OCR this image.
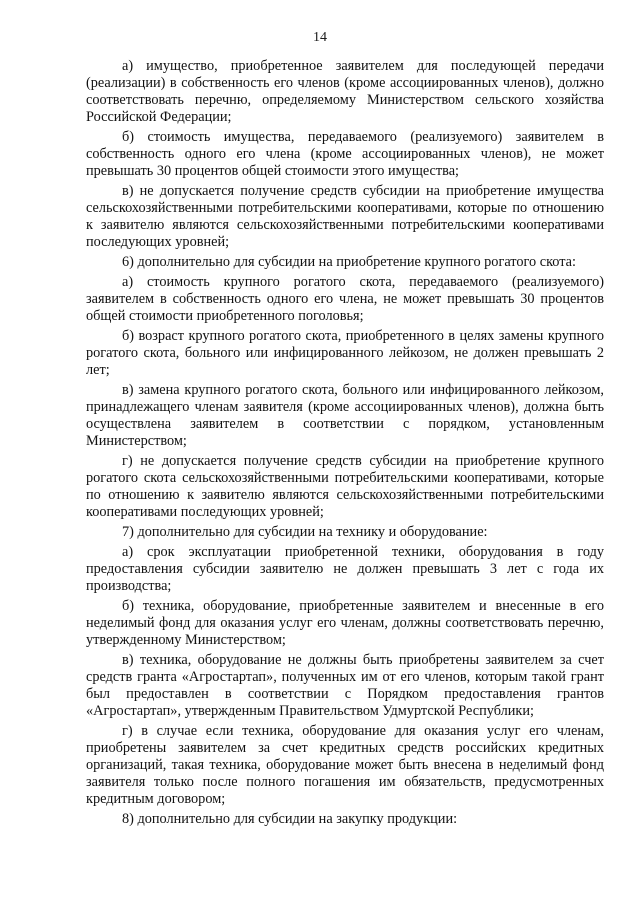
14

а) имущество, приобретенное заявителем для последующей передачи (реализации) в собственность его членов (кроме ассоциированных членов), должно соответствовать перечню, определяемому Министерством сельского хозяйства Российской Федерации;

б) стоимость имущества, передаваемого (реализуемого) заявителем в собственность одного его члена (кроме ассоциированных членов), не может превышать 30 процентов общей стоимости этого имущества;

в) не допускается получение средств субсидии на приобретение имущества сельскохозяйственными потребительскими кооперативами, которые по отношению к заявителю являются сельскохозяйственными потребительскими кооперативами последующих уровней;

6) дополнительно для субсидии на приобретение крупного рогатого скота:

а) стоимость крупного рогатого скота, передаваемого (реализуемого) заявителем в собственность одного его члена, не может превышать 30 процентов общей стоимости приобретенного поголовья;

б) возраст крупного рогатого скота, приобретенного в целях замены крупного рогатого скота, больного или инфицированного лейкозом, не должен превышать 2 лет;

в) замена крупного рогатого скота, больного или инфицированного лейкозом, принадлежащего членам заявителя (кроме ассоциированных членов), должна быть осуществлена заявителем в соответствии с порядком, установленным Министерством;

г) не допускается получение средств субсидии на приобретение крупного рогатого скота сельскохозяйственными потребительскими кооперативами, которые по отношению к заявителю являются сельскохозяйственными потребительскими кооперативами последующих уровней;

7) дополнительно для субсидии на технику и оборудование:

а) срок эксплуатации приобретенной техники, оборудования в году предоставления субсидии заявителю не должен превышать 3 лет с года их производства;

б) техника, оборудование, приобретенные заявителем и внесенные в его неделимый фонд для оказания услуг его членам, должны соответствовать перечню, утвержденному Министерством;

в) техника, оборудование не должны быть приобретены заявителем за счет средств гранта «Агростартап», полученных им от его членов, которым такой грант был предоставлен в соответствии с Порядком предоставления грантов «Агростартап», утвержденным Правительством Удмуртской Республики;

г) в случае если техника, оборудование для оказания услуг его членам, приобретены заявителем за счет кредитных средств российских кредитных организаций, такая техника, оборудование может быть внесена в неделимый фонд заявителя только после полного погашения им обязательств, предусмотренных кредитным договором;

8) дополнительно для субсидии на закупку продукции:
